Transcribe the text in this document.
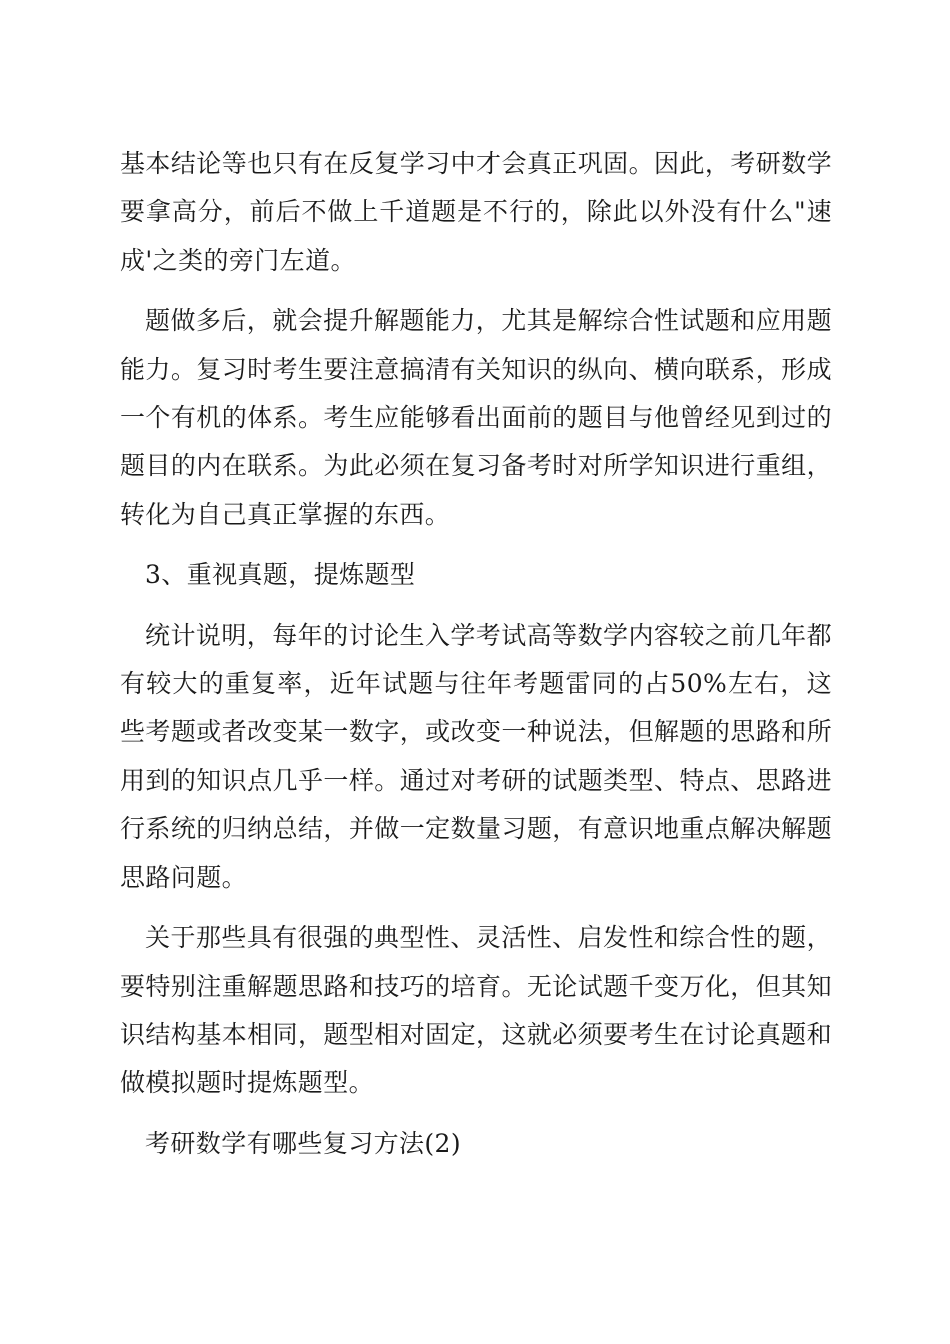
基本结论等也只有在反复学习中才会真正巩固。因此，考研数学要拿高分，前后不做上千道题是不行的，除此以外没有什么"速成'之类的旁门左道。

题做多后，就会提升解题能力，尤其是解综合性试题和应用题能力。复习时考生要注意搞清有关知识的纵向、横向联系，形成一个有机的体系。考生应能够看出面前的题目与他曾经见到过的题目的内在联系。为此必须在复习备考时对所学知识进行重组，转化为自己真正掌握的东西。

3、重视真题，提炼题型

统计说明，每年的讨论生入学考试高等数学内容较之前几年都有较大的重复率，近年试题与往年考题雷同的占50%左右，这些考题或者改变某一数字，或改变一种说法，但解题的思路和所用到的知识点几乎一样。通过对考研的试题类型、特点、思路进行系统的归纳总结，并做一定数量习题，有意识地重点解决解题思路问题。

关于那些具有很强的典型性、灵活性、启发性和综合性的题，要特别注重解题思路和技巧的培育。无论试题千变万化，但其知识结构基本相同，题型相对固定，这就必须要考生在讨论真题和做模拟题时提炼题型。

考研数学有哪些复习方法(2)
